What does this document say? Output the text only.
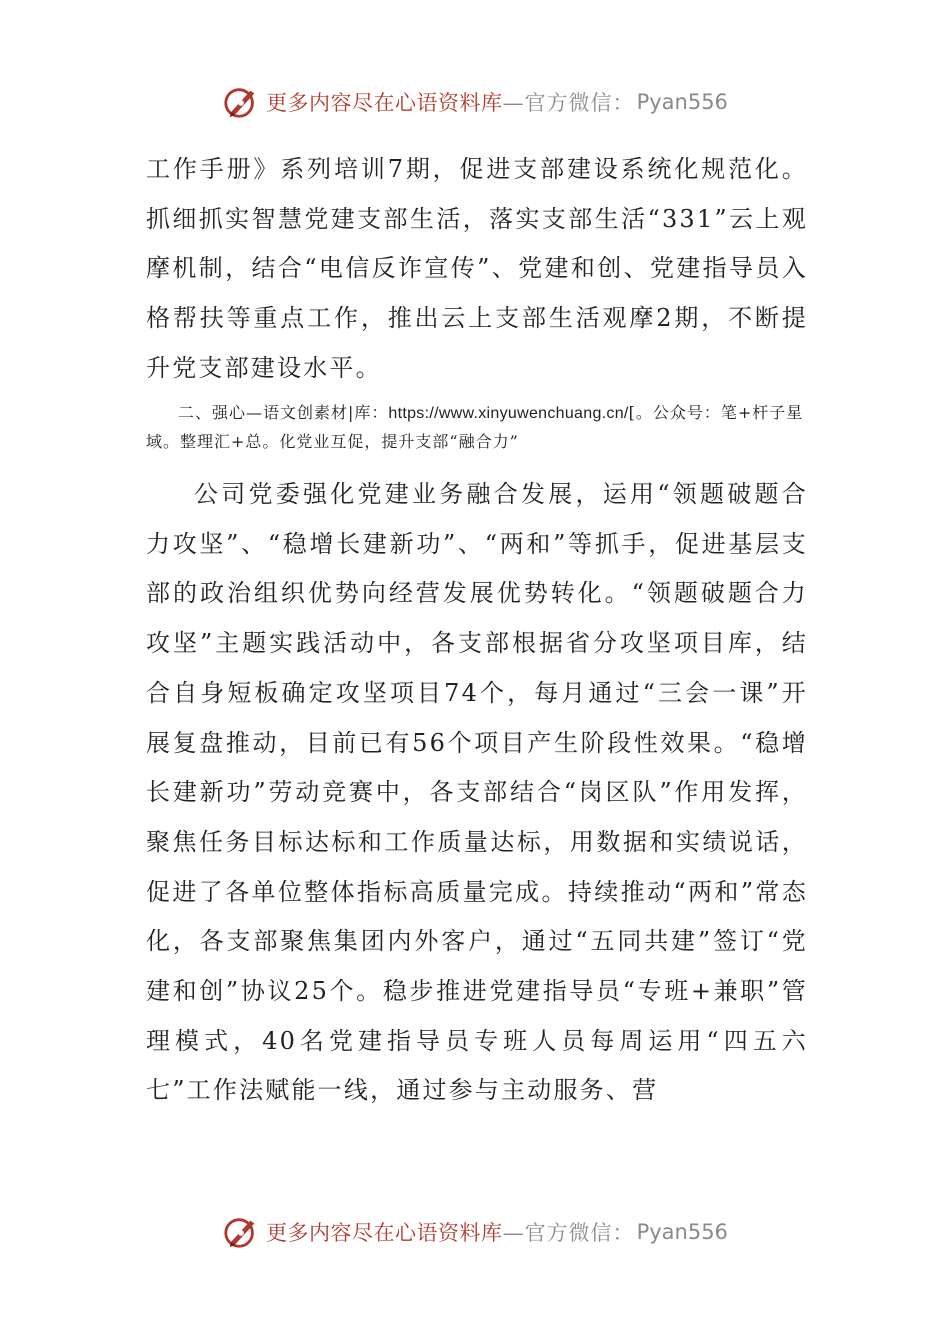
更多内容尽在心语资料库 —官方微信： Pyan556

工作手册》系列培训7期，促进支部建设系统化规范化。抓细抓实智慧党建支部生活，落实支部生活“331”云上观摩机制，结合“电信反诈宣传”、党建和创、党建指导员入格帮扶等重点工作，推出云上支部生活观摩2期，不断提升党支部建设水平。

二、强心—语文创素材|库：https://www.xinyuwenchuang.cn/[。公众号：笔+杆子星域。整理汇+总。化党业互促，提升支部“融合力”

公司党委强化党建业务融合发展，运用“领题破题合力攻坚”、“稳增长建新功”、“两和”等抓手，促进基层支部的政治组织优势向经营发展优势转化。“领题破题合力攻坚”主题实践活动中，各支部根据省分攻坚项目库，结合自身短板确定攻坚项目74个，每月通过“三会一课”开展复盘推动，目前已有56个项目产生阶段性效果。“稳增长建新功”劳动竞赛中，各支部结合“岗区队”作用发挥，聚焦任务目标达标和工作质量达标，用数据和实绩说话，促进了各单位整体指标高质量完成。持续推动“两和”常态化，各支部聚焦集团内外客户，通过“五同共建”签订“党建和创”协议25个。稳步推进党建指导员“专班+兼职”管理模式，40名党建指导员专班人员每周运用“四五六七”工作法赋能一线，通过参与主动服务、营

更多内容尽在心语资料库 —官方微信： Pyan556
